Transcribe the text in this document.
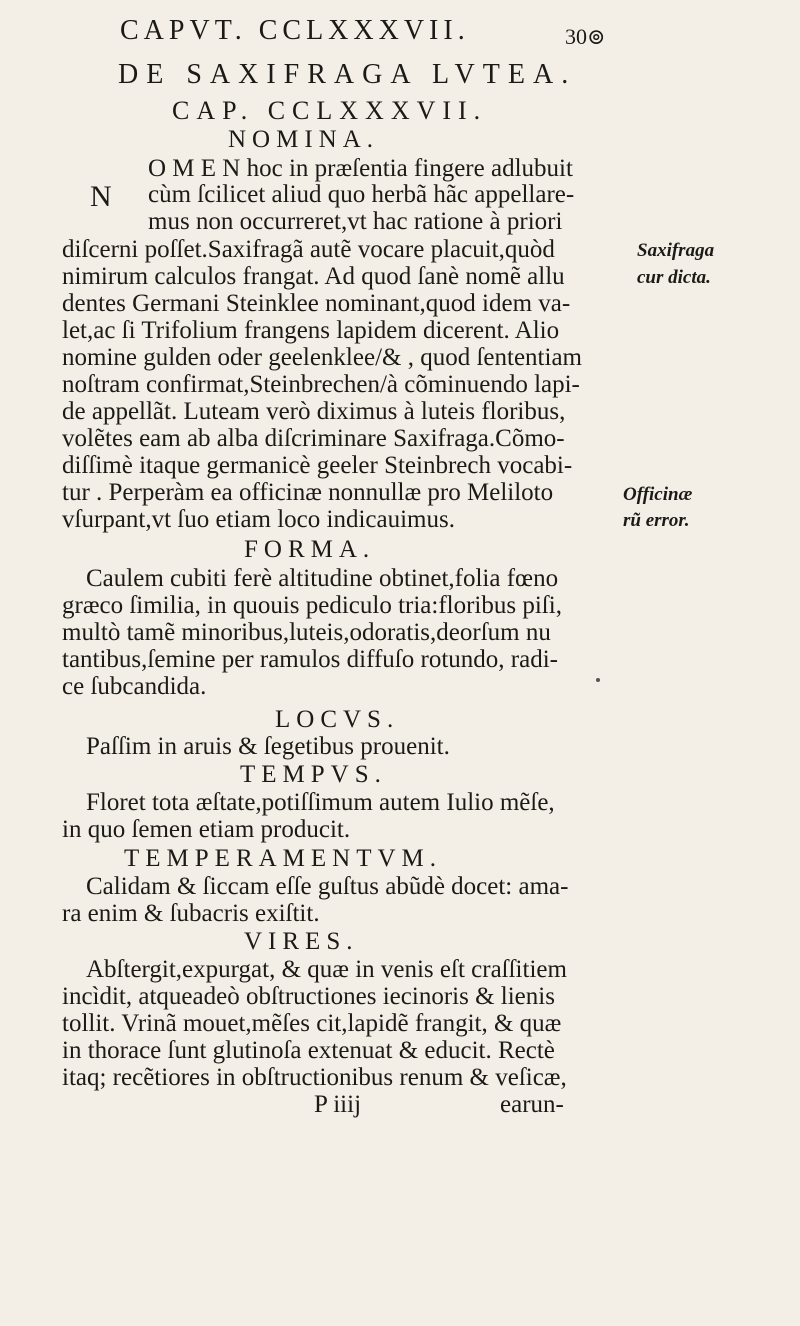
CAPVT. CCLXXXVII.	30⊚
DE SAXIFRAGA LVTEA.
CAP. CCLXXXVII.
NOMINA.
N
O M E N hoc in præſentia fingere adlubuit
cùm ſcilicet aliud quo herbã hãc appellare-
mus non occurreret,vt hac ratione à priori
diſcerni poſſet.Saxifragã autẽ vocare placuit,quòd
nimirum calculos frangat. Ad quod ſanè nomẽ allu
dentes Germani Steinklee nominant,quod idem va-
let,ac ſi Trifolium frangens lapidem dicerent. Alio
nomine gulden oder geelenklee/& , quod ſententiam
noſtram confirmat,Steinbrechen/à cõminuendo lapi-
de appellãt. Luteam verò diximus à luteis floribus,
volẽtes eam ab alba diſcriminare Saxifraga.Cõmo-
diſſimè itaque germanicè geeler Steinbrech vocabi-
tur . Perperàm ea officinæ nonnullæ pro Meliloto
vſurpant,vt ſuo etiam loco indicauimus.
Saxifraga
cur dicta.
Officinæ
rũ error.
FORMA.
Caulem cubiti ferè altitudine obtinet,folia fœno
græco ſimilia, in quouis pediculo tria:floribus piſi,
multò tamẽ minoribus,luteis,odoratis,deorſum nu
tantibus,ſemine per ramulos diffuſo rotundo, radi-
ce ſubcandida.
LOCVS.
Paſſim in aruis & ſegetibus prouenit.
TEMPVS.
Floret tota æſtate,potiſſimum autem Iulio mẽſe,
in quo ſemen etiam producit.
TEMPERAMENTVM.
Calidam & ſiccam eſſe guſtus abũdè docet: ama-
ra enim & ſubacris exiſtit.
VIRES.
Abſtergit,expurgat, & quæ in venis eſt craſſitiem
incìdit, atqueadeò obſtructiones iecinoris & lienis
tollit. Vrinã mouet,mẽſes cit,lapidẽ frangit, & quæ
in thorace ſunt glutinoſa extenuat & educit. Rectè
itaq; recẽtiores in obſtructionibus renum & veſicæ,
P iiij	earun-
